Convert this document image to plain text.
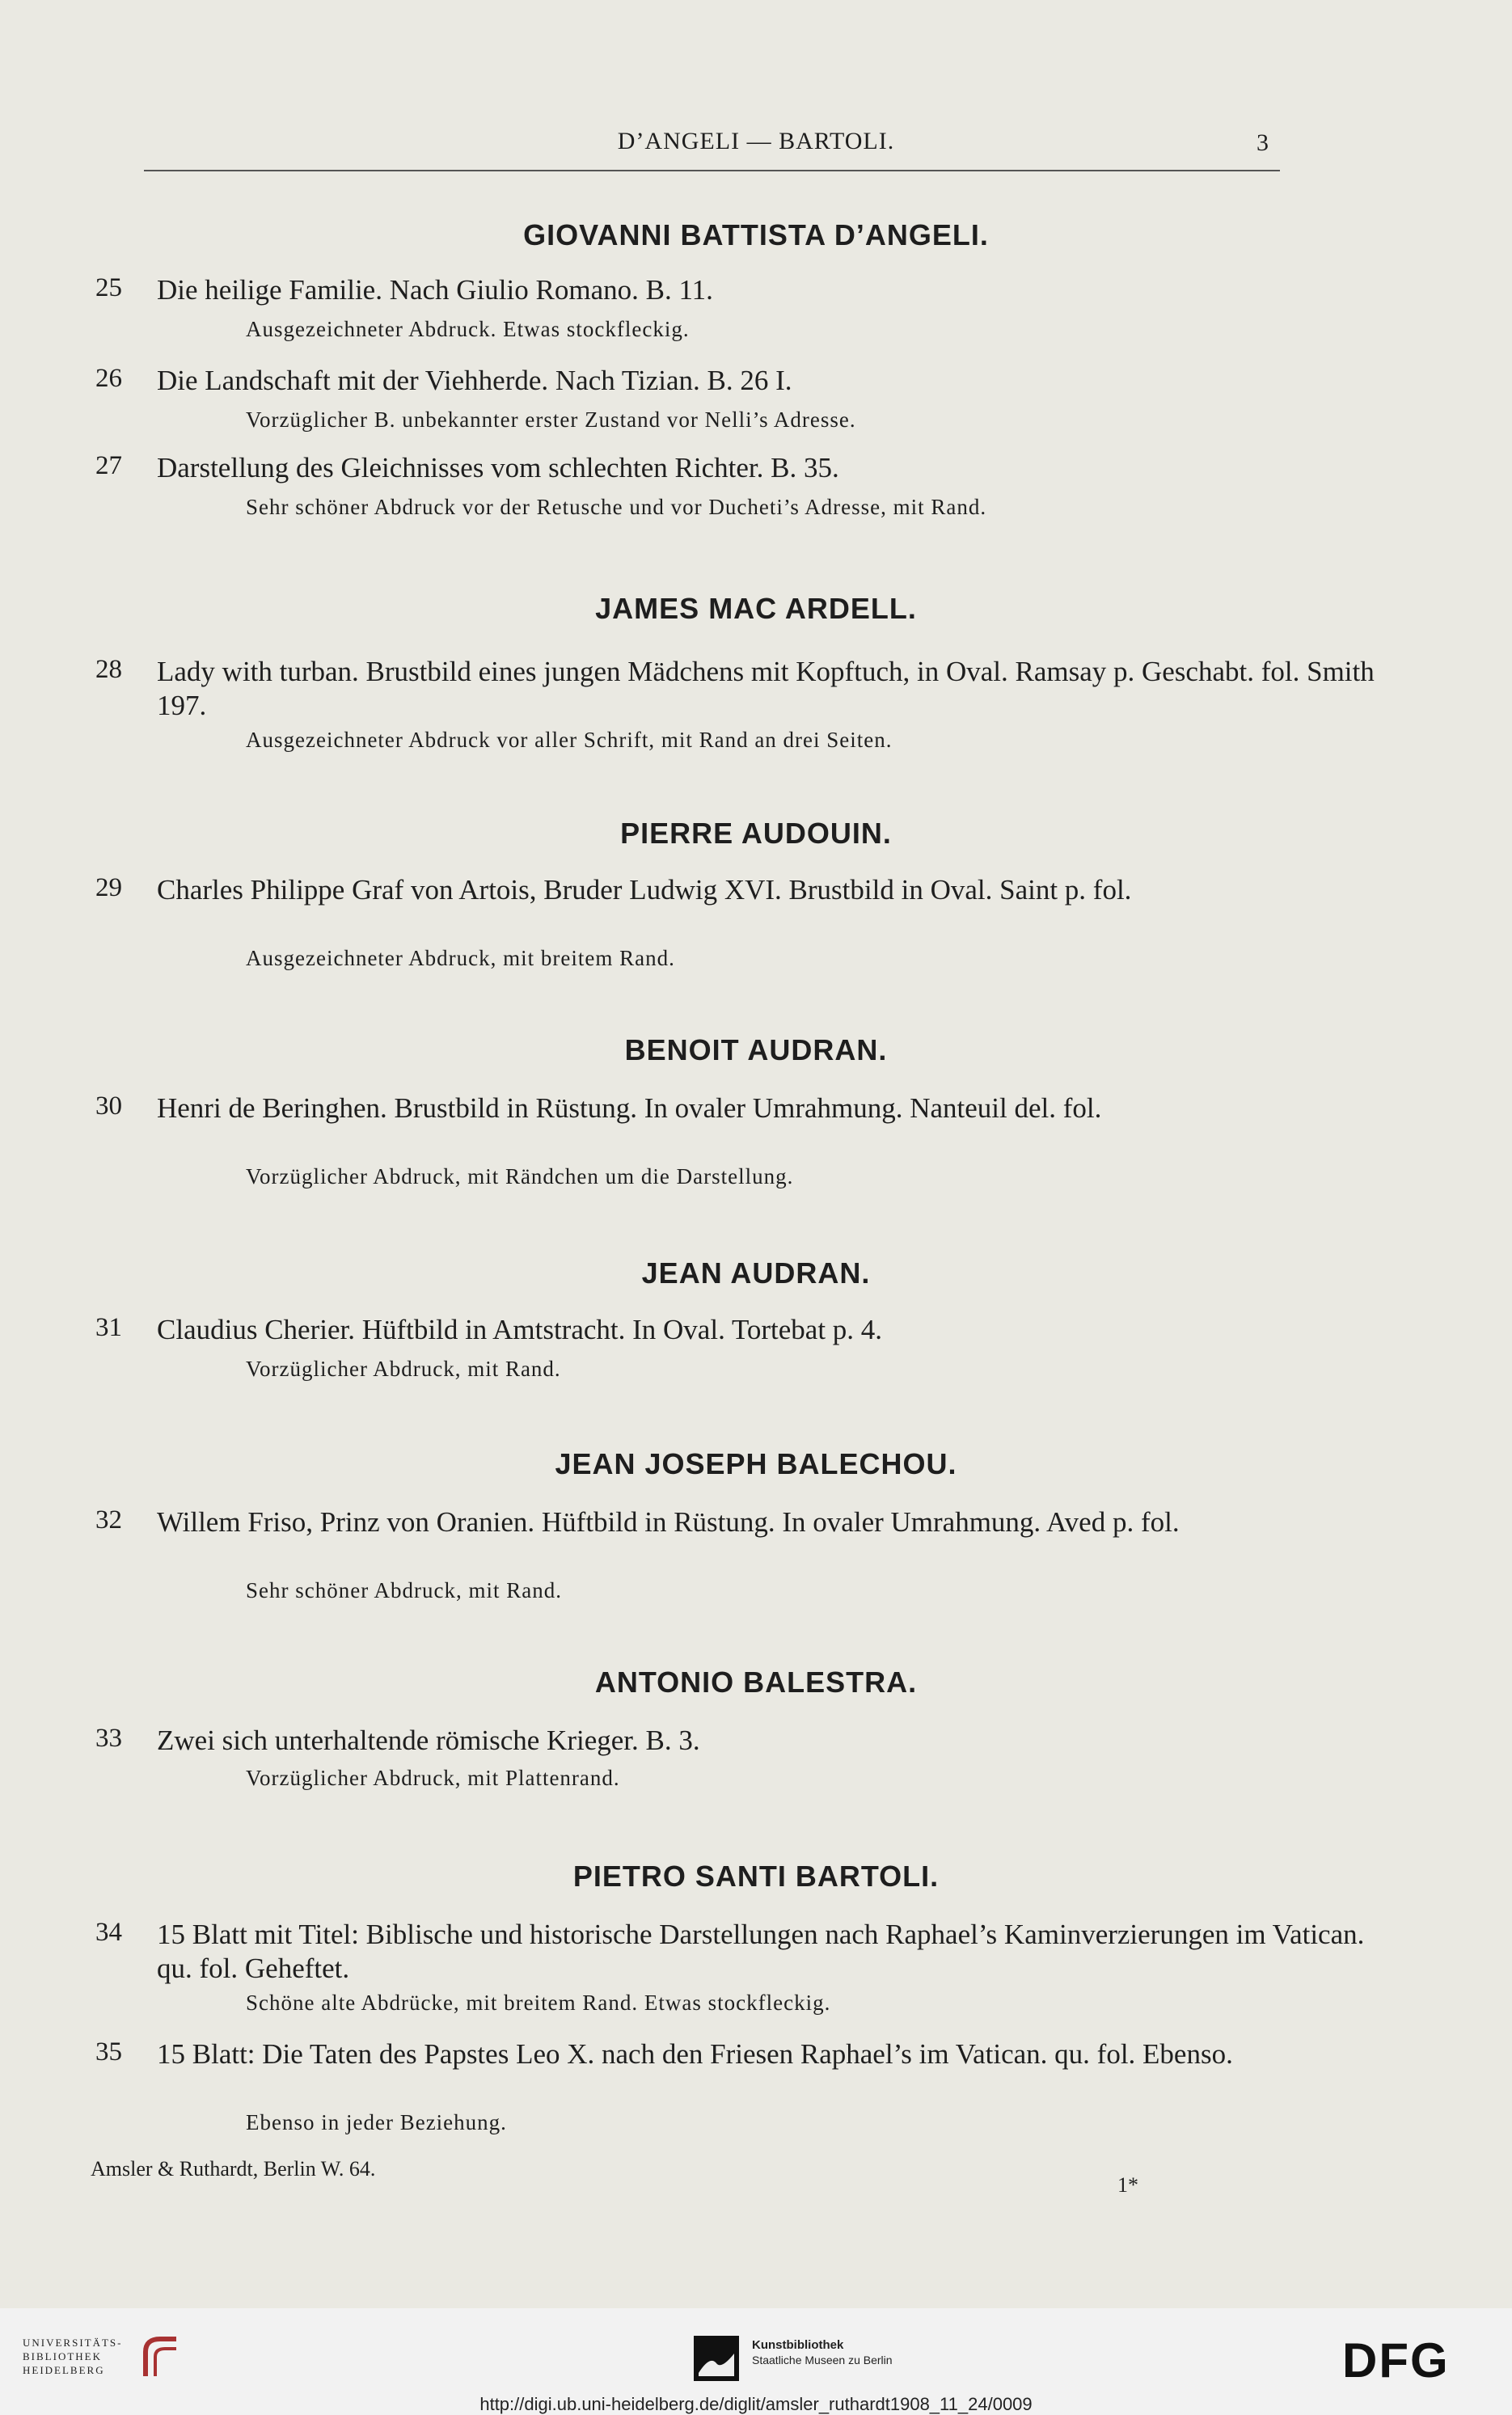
D’ANGELI — BARTOLI.	3
GIOVANNI BATTISTA D’ANGELI.
25 Die heilige Familie. Nach Giulio Romano. B. 11.
Ausgezeichneter Abdruck. Etwas stockfleckig.
26 Die Landschaft mit der Viehherde. Nach Tizian. B. 26 I.
Vorzüglicher B. unbekannter erster Zustand vor Nelli’s Adresse.
27 Darstellung des Gleichnisses vom schlechten Richter. B. 35.
Sehr schöner Abdruck vor der Retusche und vor Ducheti’s Adresse, mit Rand.
JAMES MAC ARDELL.
28 Lady with turban. Brustbild eines jungen Mädchens mit Kopftuch, in Oval. Ramsay p. Geschabt. fol. Smith 197.
Ausgezeichneter Abdruck vor aller Schrift, mit Rand an drei Seiten.
PIERRE AUDOUIN.
29 Charles Philippe Graf von Artois, Bruder Ludwig XVI. Brustbild in Oval. Saint p. fol.
Ausgezeichneter Abdruck, mit breitem Rand.
BENOIT AUDRAN.
30 Henri de Beringhen. Brustbild in Rüstung. In ovaler Umrahmung. Nanteuil del. fol.
Vorzüglicher Abdruck, mit Rändchen um die Darstellung.
JEAN AUDRAN.
31 Claudius Cherier. Hüftbild in Amtstracht. In Oval. Tortebat p. 4.
Vorzüglicher Abdruck, mit Rand.
JEAN JOSEPH BALECHOU.
32 Willem Friso, Prinz von Oranien. Hüftbild in Rüstung. In ovaler Umrahmung. Aved p. fol.
Sehr schöner Abdruck, mit Rand.
ANTONIO BALESTRA.
33 Zwei sich unterhaltende römische Krieger. B. 3.
Vorzüglicher Abdruck, mit Plattenrand.
PIETRO SANTI BARTOLI.
34 15 Blatt mit Titel: Biblische und historische Darstellungen nach Raphael’s Kaminverzierungen im Vatican. qu. fol. Geheftet.
Schöne alte Abdrücke, mit breitem Rand. Etwas stockfleckig.
35 15 Blatt: Die Taten des Papstes Leo X. nach den Friesen Raphael’s im Vatican. qu. fol. Ebenso.
Ebenso in jeder Beziehung.
Amsler & Ruthardt, Berlin W. 64.
1*
UNIVERSITÄTS-
BIBLIOTHEK
HEIDELBERG
Kunstbibliothek
Staatliche Museen zu Berlin	DFG
http://digi.ub.uni-heidelberg.de/diglit/amsler_ruthardt1908_11_24/0009
